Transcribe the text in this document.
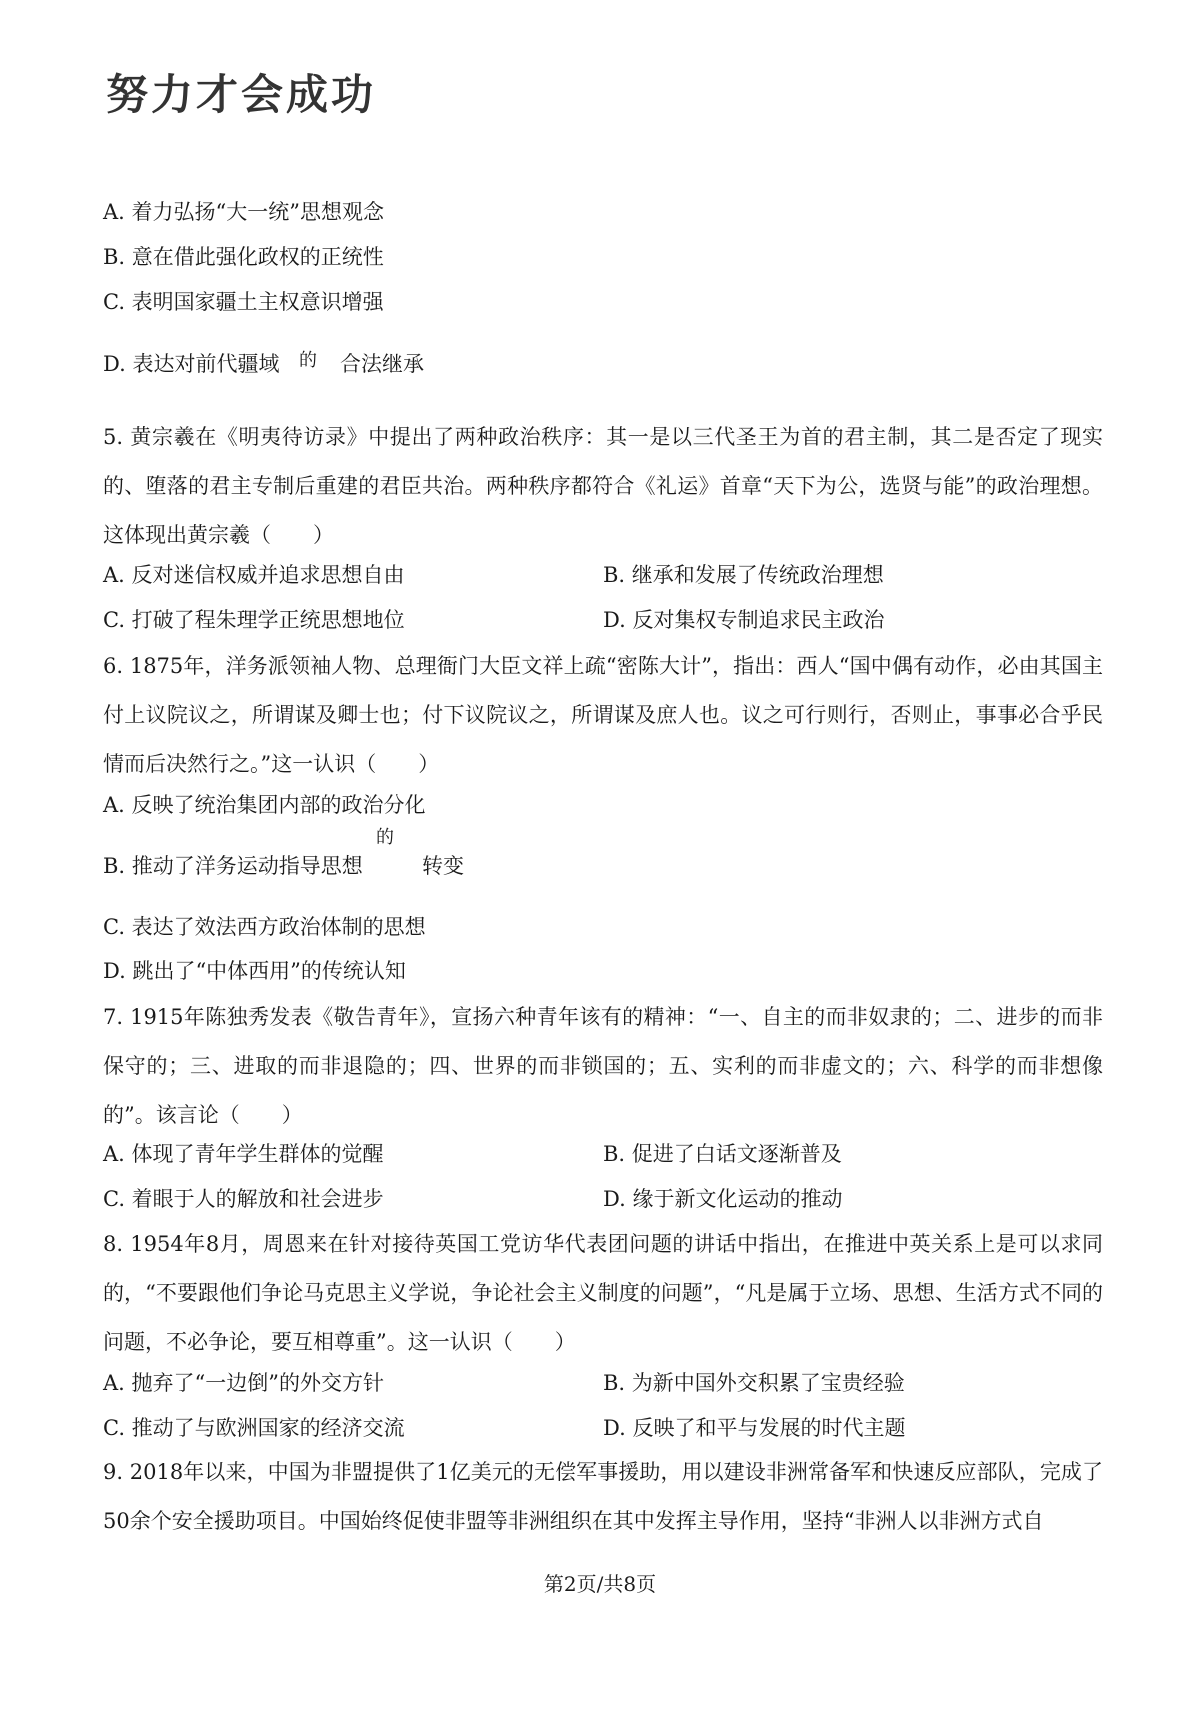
努力才会成功
A. 着力弘扬“大一统”思想观念
B. 意在借此强化政权的正统性
C. 表明国家疆土主权意识增强
D. 表达对前代疆域 的 合法继承
5. 黄宗羲在《明夷待访录》中提出了两种政治秩序：其一是以三代圣王为首的君主制，其二是否定了现实的、堕落的君主专制后重建的君臣共治。两种秩序都符合《礼运》首章“天下为公，选贤与能”的政治理想。这体现出黄宗羲（　　）
A. 反对迷信权威并追求思想自由	B. 继承和发展了传统政治理想
C. 打破了程朱理学正统思想地位	D. 反对集权专制追求民主政治
6. 1875年，洋务派领袖人物、总理衙门大臣文祥上疏“密陈大计”，指出：西人“国中偶有动作，必由其国主付上议院议之，所谓谋及卿士也；付下议院议之，所谓谋及庶人也。议之可行则行，否则止，事事必合乎民情而后决然行之。”这一认识（　　）
A. 反映了统治集团内部的政治分化
B. 推动了洋务运动指导思想
的
转变
C. 表达了效法西方政治体制的思想
D. 跳出了“中体西用”的传统认知
7. 1915年陈独秀发表《敬告青年》，宣扬六种青年该有的精神：“一、自主的而非奴隶的；二、进步的而非保守的；三、进取的而非退隐的；四、世界的而非锁国的；五、实利的而非虚文的；六、科学的而非想像的”。该言论（　　）
A. 体现了青年学生群体的觉醒	B. 促进了白话文逐渐普及
C. 着眼于人的解放和社会进步	D. 缘于新文化运动的推动
8. 1954年8月，周恩来在针对接待英国工党访华代表团问题的讲话中指出，在推进中英关系上是可以求同的，“不要跟他们争论马克思主义学说，争论社会主义制度的问题”，“凡是属于立场、思想、生活方式不同的问题，不必争论，要互相尊重”。这一认识（　　）
A. 抛弃了“一边倒”的外交方针	B. 为新中国外交积累了宝贵经验
C. 推动了与欧洲国家的经济交流	D. 反映了和平与发展的时代主题
9. 2018年以来，中国为非盟提供了1亿美元的无偿军事援助，用以建设非洲常备军和快速反应部队，完成了50余个安全援助项目。中国始终促使非盟等非洲组织在其中发挥主导作用，坚持“非洲人以非洲方式自
第2页/共8页
